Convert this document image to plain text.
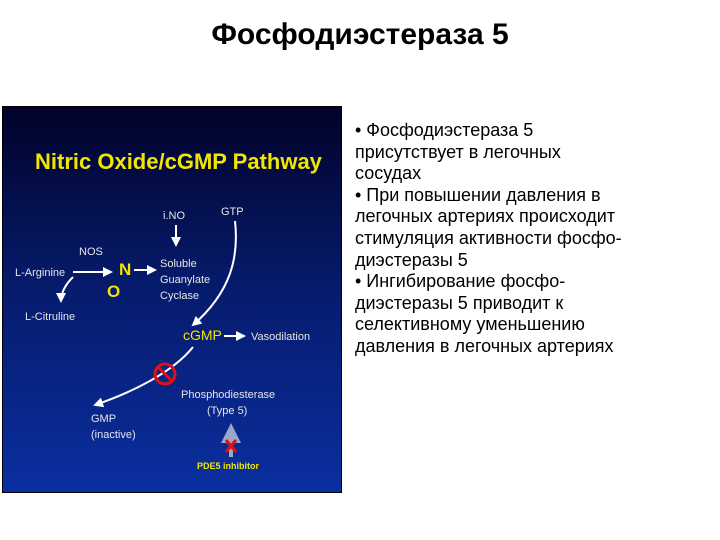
Фосфодиэстераза 5
Nitric Oxide/cGMP Pathway
i.NO	GTP
NOS
L-Arginine	N
O
Soluble
Guanylate
Cyclase
L-Citruline
cGMP	Vasodilation
Phosphodiesterase
(Type 5)
GMP
(inactive)
PDE5 inhibitor
• Фосфодиэстераза 5
присутствует в легочных
сосудах
• При повышении давления в
легочных артериях происходит
стимуляция активности фосфо-
диэстеразы 5
• Ингибирование фосфо-
диэстеразы 5 приводит к
селективному уменьшению
давления в легочных артериях
